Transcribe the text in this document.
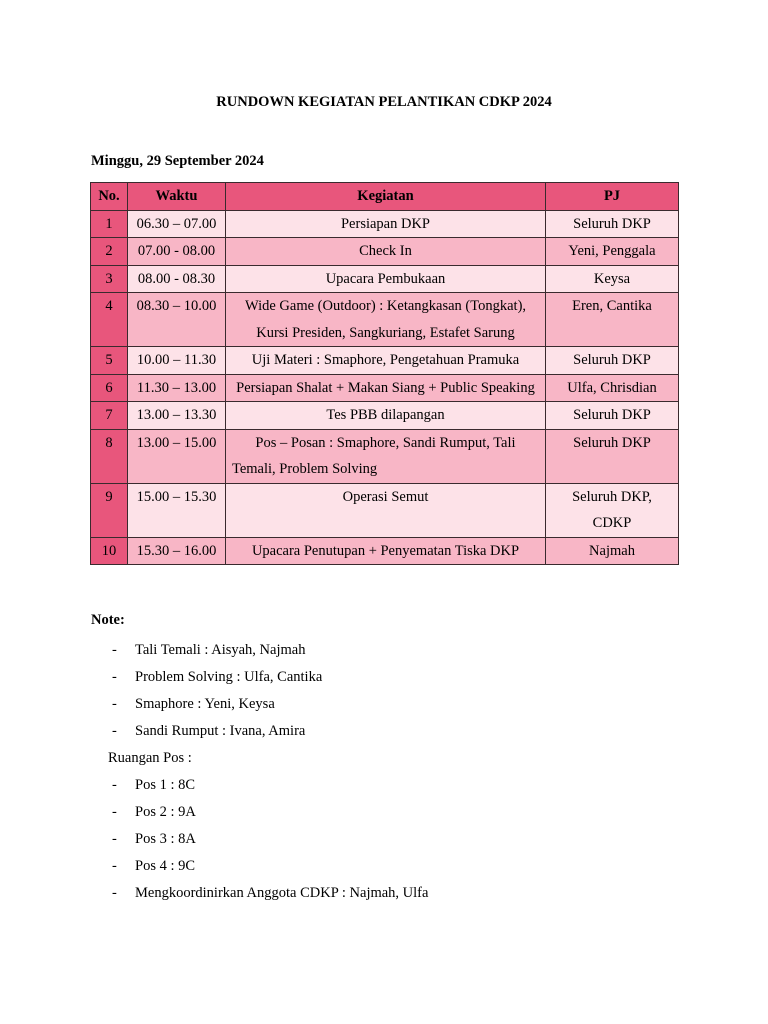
RUNDOWN KEGIATAN PELANTIKAN CDKP 2024
Minggu, 29 September 2024
No.	Waktu	Kegiatan	PJ
1	06.30 – 07.00	Persiapan DKP	Seluruh DKP
2	07.00 - 08.00	Check In	Yeni, Penggala
3	08.00 - 08.30	Upacara Pembukaan	Keysa
4	08.30 – 10.00	Wide Game (Outdoor) : Ketangkasan (Tongkat), Kursi Presiden, Sangkuriang, Estafet Sarung	Eren, Cantika
5	10.00 – 11.30	Uji Materi : Smaphore, Pengetahuan Pramuka	Seluruh DKP
6	11.30 – 13.00	Persiapan Shalat + Makan Siang + Public Speaking	Ulfa, Chrisdian
7	13.00 – 13.30	Tes PBB dilapangan	Seluruh DKP
8	13.00 – 15.00	Pos – Posan : Smaphore, Sandi Rumput, Tali Temali, Problem Solving	Seluruh DKP
9	15.00 – 15.30	Operasi Semut	Seluruh DKP, CDKP
10	15.30 – 16.00	Upacara Penutupan + Penyematan Tiska DKP	Najmah
Note:
- Tali Temali : Aisyah, Najmah
- Problem Solving : Ulfa, Cantika
- Smaphore : Yeni, Keysa
- Sandi Rumput : Ivana, Amira
Ruangan Pos :
- Pos 1 : 8C
- Pos 2 : 9A
- Pos 3 : 8A
- Pos 4 : 9C
- Mengkoordinirkan Anggota CDKP : Najmah, Ulfa
